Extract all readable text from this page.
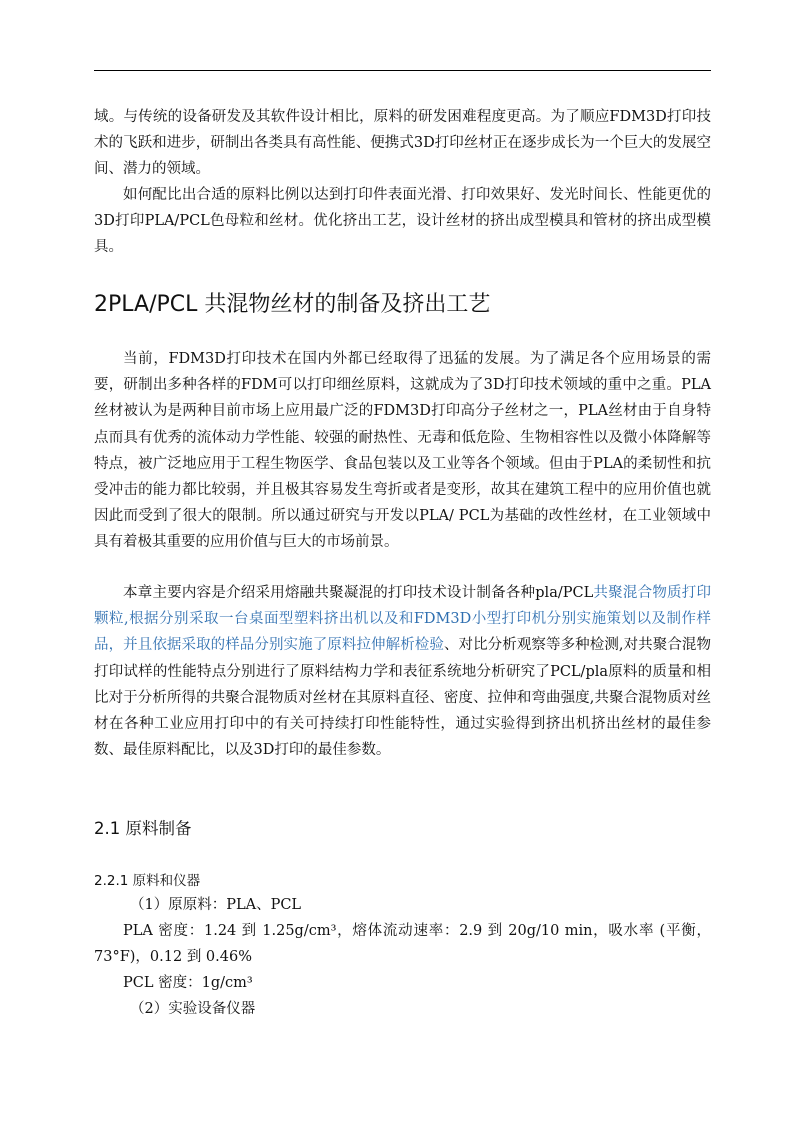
域。与传统的设备研发及其软件设计相比，原料的研发困难程度更高。为了顺应FDM3D打印技术的飞跃和进步，研制出各类具有高性能、便携式3D打印丝材正在逐步成长为一个巨大的发展空间、潜力的领域。

如何配比出合适的原料比例以达到打印件表面光滑、打印效果好、发光时间长、性能更优的3D打印PLA/PCL色母粒和丝材。优化挤出工艺，设计丝材的挤出成型模具和管材的挤出成型模具。

2PLA/PCL 共混物丝材的制备及挤出工艺

当前，FDM3D打印技术在国内外都已经取得了迅猛的发展。为了满足各个应用场景的需要，研制出多种各样的FDM可以打印细丝原料，这就成为了3D打印技术领域的重中之重。PLA丝材被认为是两种目前市场上应用最广泛的FDM3D打印高分子丝材之一，PLA丝材由于自身特点而具有优秀的流体动力学性能、较强的耐热性、无毒和低危险、生物相容性以及微小体降解等特点，被广泛地应用于工程生物医学、食品包装以及工业等各个领域。但由于PLA的柔韧性和抗受冲击的能力都比较弱，并且极其容易发生弯折或者是变形，故其在建筑工程中的应用价值也就因此而受到了很大的限制。所以通过研究与开发以PLA/ PCL为基础的改性丝材，在工业领域中具有着极其重要的应用价值与巨大的市场前景。

本章主要内容是介绍采用熔融共聚凝混的打印技术设计制备各种pla/PCL共聚混合物质打印颗粒,根据分别采取一台桌面型塑料挤出机以及和FDM3D小型打印机分别实施策划以及制作样品，并且依据采取的样品分别实施了原料拉伸解析检验、对比分析观察等多种检测,对共聚合混物打印试样的性能特点分别进行了原料结构力学和表征系统地分析研究了PCL/pla原料的质量和相比对于分析所得的共聚合混物质对丝材在其原料直径、密度、拉伸和弯曲强度,共聚合混物质对丝材在各种工业应用打印中的有关可持续打印性能特性，通过实验得到挤出机挤出丝材的最佳参数、最佳原料配比，以及3D打印的最佳参数。

2.1 原料制备
2.2.1 原料和仪器

（1）原原料：PLA、PCL

PLA 密度：1.24 到 1.25g/cm³，熔体流动速率：2.9 到 20g/10 min，吸水率 (平衡，73°F)，0.12 到 0.46%

PCL 密度：1g/cm³

（2）实验设备仪器
